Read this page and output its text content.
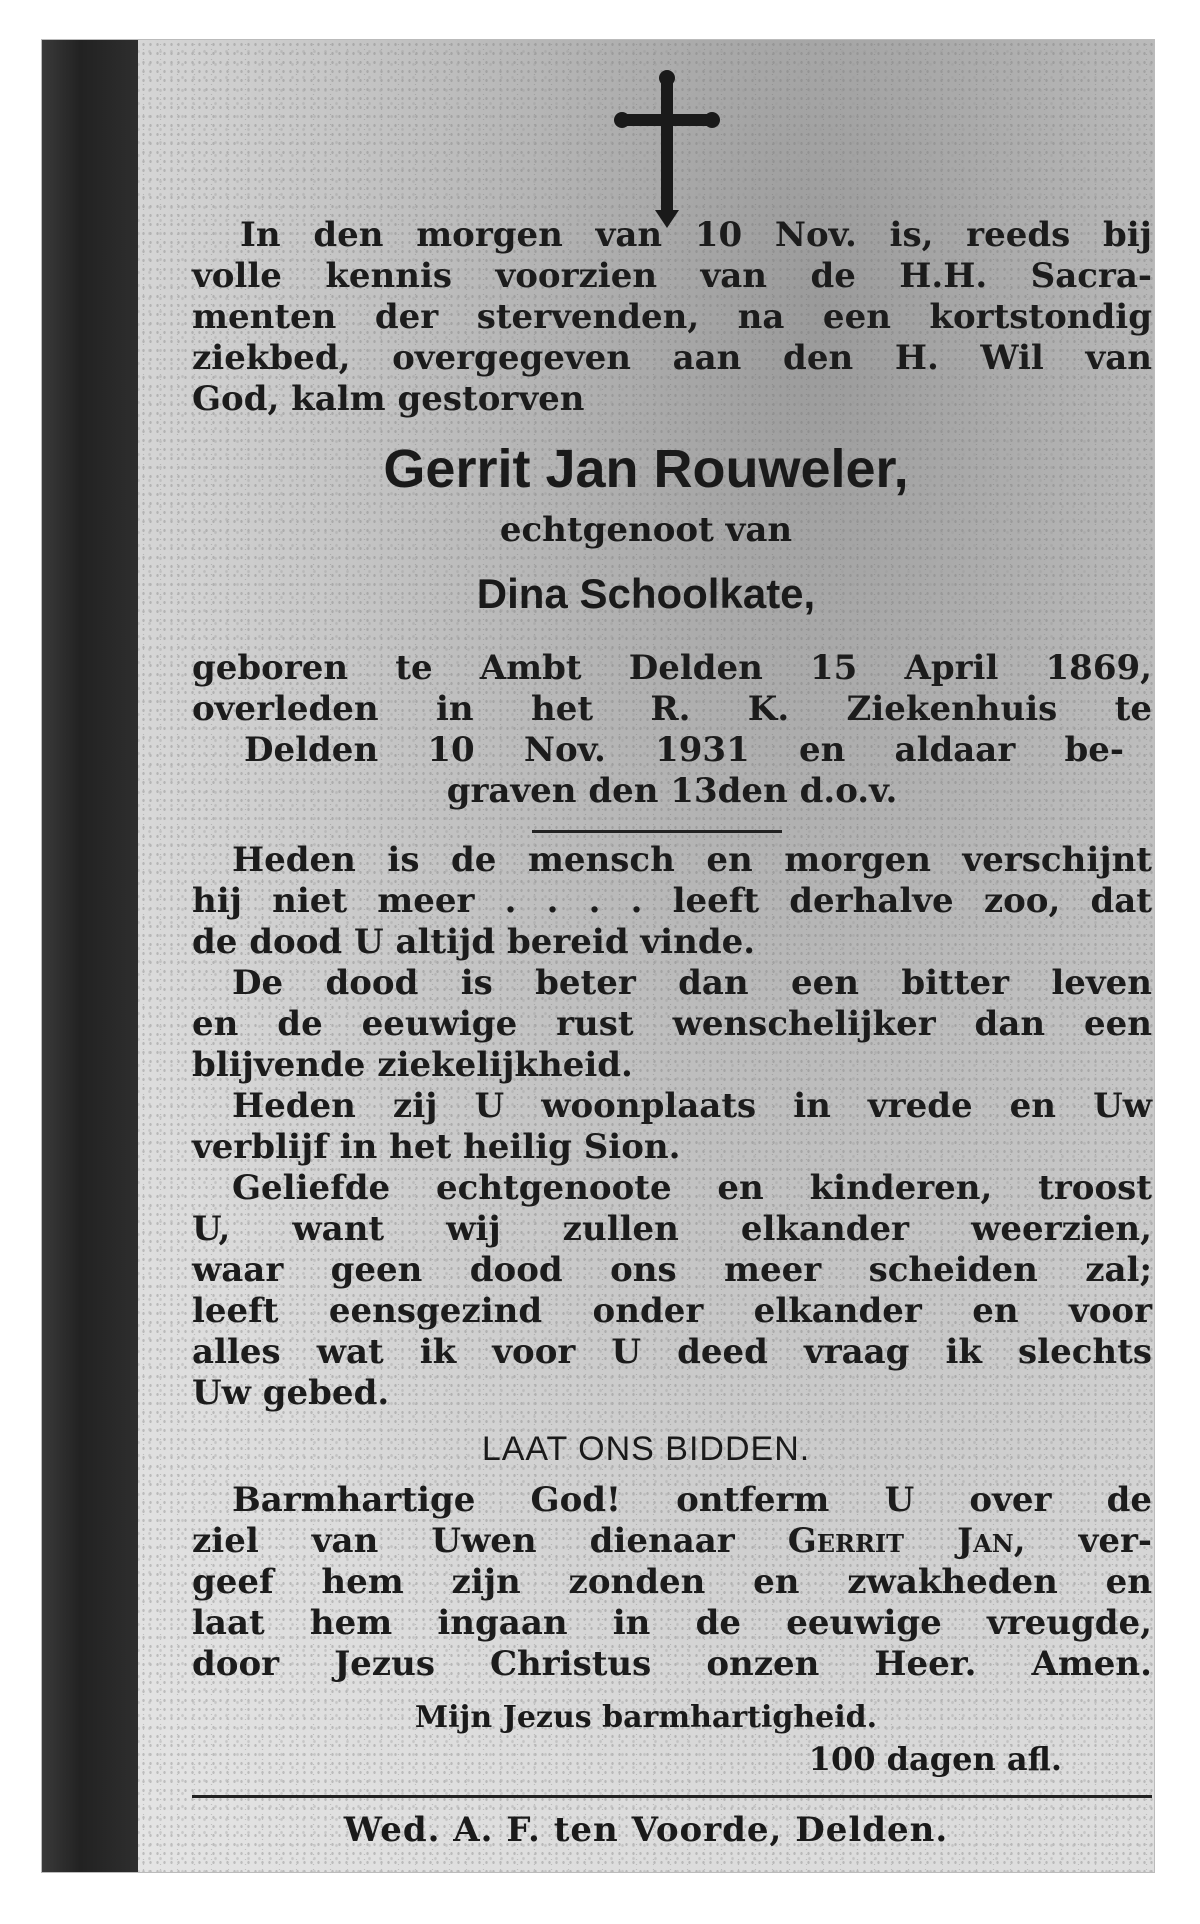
In den morgen van 10 Nov. is, reeds bij
volle kennis voorzien van de H.H. Sacra-
menten der stervenden, na een kortstondig
ziekbed, overgegeven aan den H. Wil van
God, kalm gestorven
Gerrit Jan Rouweler,
echtgenoot van
Dina Schoolkate,
geboren te Ambt Delden 15 April 1869,
overleden in het R. K. Ziekenhuis te
Delden 10 Nov. 1931 en aldaar be-
graven den 13den d.o.v.
Heden is de mensch en morgen verschijnt
hij niet meer . . . . leeft derhalve zoo, dat
de dood U altijd bereid vinde.
De dood is beter dan een bitter leven
en de eeuwige rust wenschelijker dan een
blijvende ziekelijkheid.
Heden zij U woonplaats in vrede en Uw
verblijf in het heilig Sion.
Geliefde echtgenoote en kinderen, troost
U, want wij zullen elkander weerzien,
waar geen dood ons meer scheiden zal;
leeft eensgezind onder elkander en voor
alles wat ik voor U deed vraag ik slechts
Uw gebed.
LAAT ONS BIDDEN.
Barmhartige God! ontferm U over de
ziel van Uwen dienaar Gerrit Jan, ver-
geef hem zijn zonden en zwakheden en
laat hem ingaan in de eeuwige vreugde,
door Jezus Christus onzen Heer. Amen.
Mijn Jezus barmhartigheid.
100 dagen afl.
Wed. A. F. ten Voorde, Delden.
